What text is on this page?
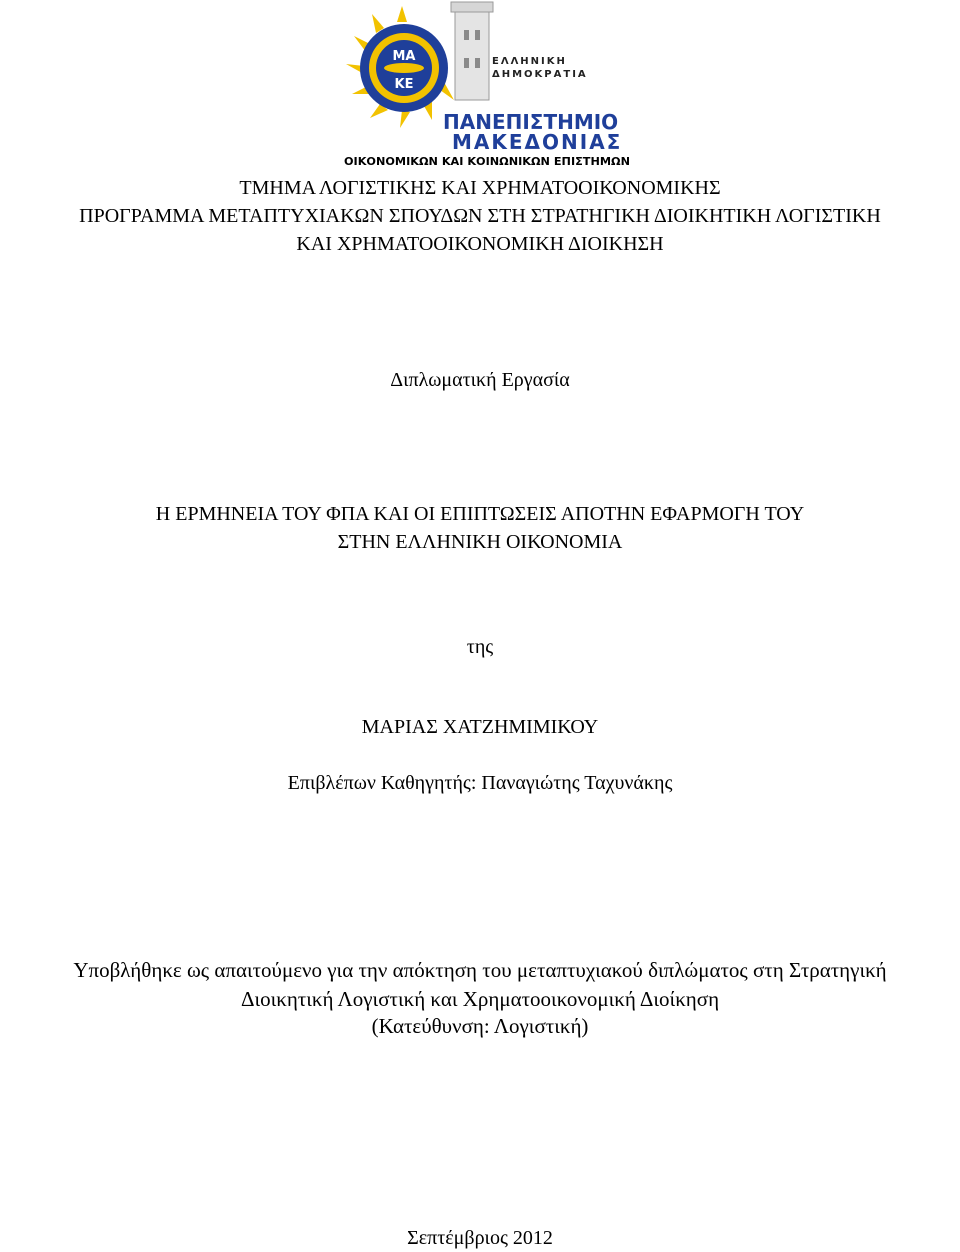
ΜΑ
ΚΕ
ΕΛΛΗΝΙΚΗ
ΔΗΜΟΚΡΑΤΙΑ
ΠΑΝΕΠΙΣΤΗΜΙΟ
ΜΑΚΕΔΟΝΙΑΣ
ΟΙΚΟΝΟΜΙΚΩΝ ΚΑΙ ΚΟΙΝΩΝΙΚΩΝ ΕΠΙΣΤΗΜΩΝ
ΤΜΗΜΑ ΛΟΓΙΣΤΙΚΗΣ ΚΑΙ ΧΡΗΜΑΤΟΟΙΚΟΝΟΜΙΚΗΣ
ΠΡΟΓΡΑΜΜΑ ΜΕΤΑΠΤΥΧΙΑΚΩΝ ΣΠΟΥΔΩΝ ΣΤΗ ΣΤΡΑΤΗΓΙΚΗ ΔΙΟΙΚΗΤΙΚΗ ΛΟΓΙΣΤΙΚΗ
ΚΑΙ ΧΡΗΜΑΤΟΟΙΚΟΝΟΜΙΚΗ ΔΙΟΙΚΗΣΗ
Διπλωματική Εργασία
Η ΕΡΜΗΝΕΙΑ ΤΟΥ ΦΠΑ ΚΑΙ ΟΙ ΕΠΙΠΤΩΣΕΙΣ ΑΠΟΤΗΝ ΕΦΑΡΜΟΓΗ ΤΟΥ
ΣΤΗΝ ΕΛΛΗΝΙΚΗ ΟΙΚΟΝΟΜΙΑ
της
ΜΑΡΙΑΣ ΧΑΤΖΗΜΙΜΙΚΟΥ
Επιβλέπων Καθηγητής: Παναγιώτης Ταχυνάκης
Υποβλήθηκε ως απαιτούμενο για την απόκτηση του μεταπτυχιακού διπλώματος στη Στρατηγική
Διοικητική Λογιστική και Χρηματοοικονομική Διοίκηση
(Κατεύθυνση: Λογιστική)
Σεπτέμβριος 2012
